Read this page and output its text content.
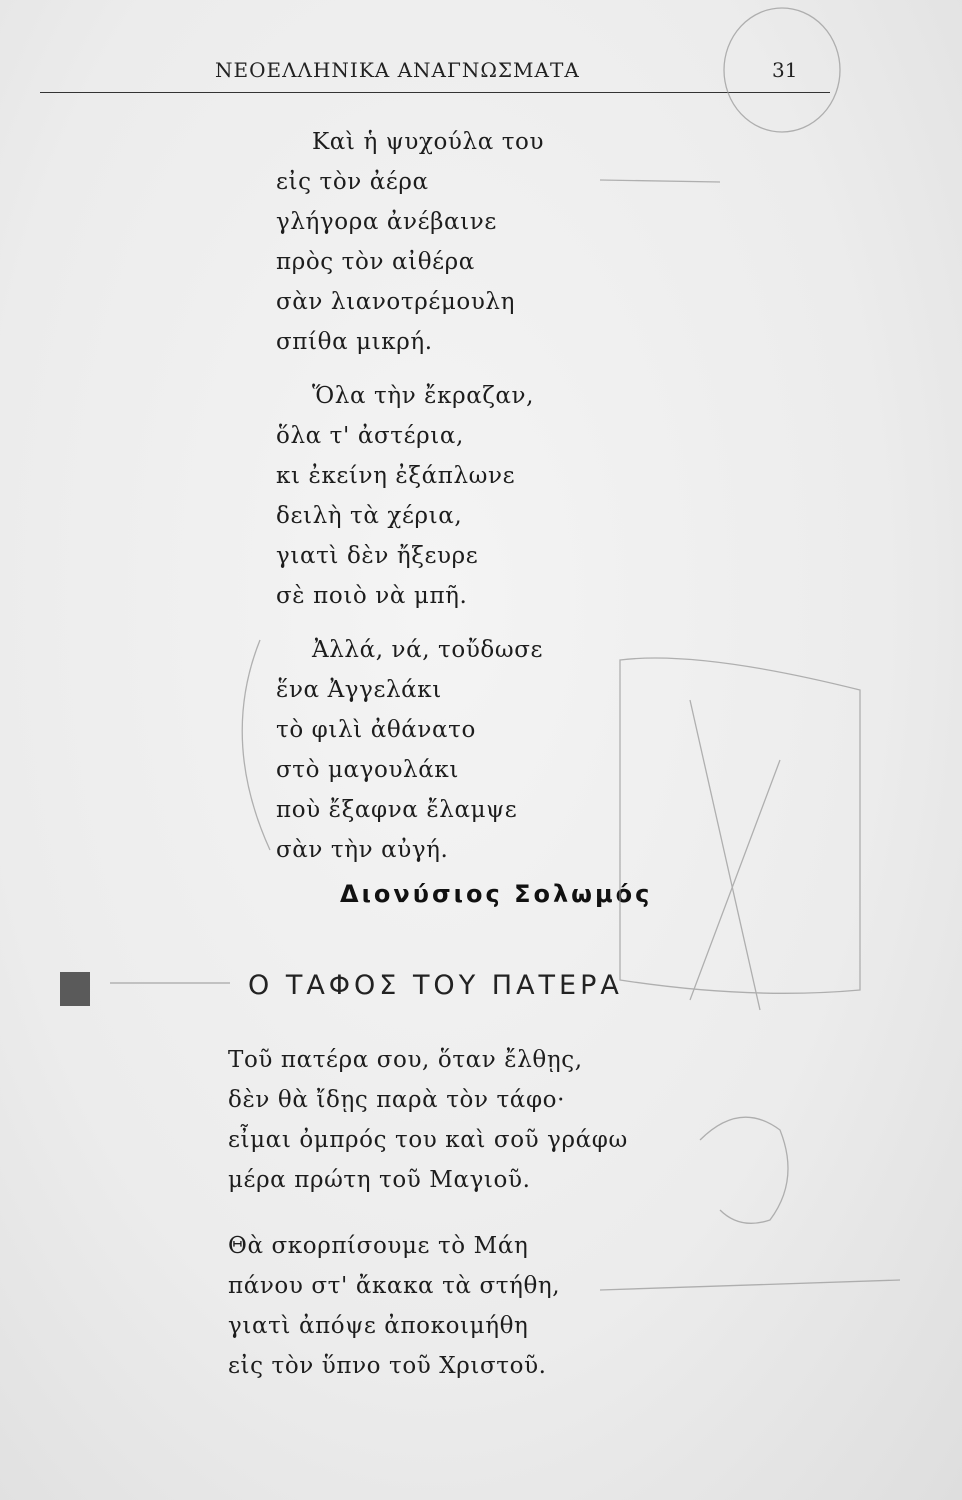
ΝΕΟΕΛΛΗΝΙΚΑ ΑΝΑΓΝΩΣΜΑΤΑ	31
Καὶ ἡ ψυχούλα του
εἰς τὸν ἀέρα
γλήγορα ἀνέβαινε
πρὸς τὸν αἰθέρα
σὰν λιανοτρέμουλη
σπίθα μικρή.
Ὅλα τὴν ἔκραζαν,
ὅλα τ' ἀστέρια,
κι ἐκείνη ἐξάπλωνε
δειλὴ τὰ χέρια,
γιατὶ δὲν ἤξευρε
σὲ ποιὸ νὰ μπῆ.
Ἀλλά, νά, τοὔδωσε
ἕνα Ἀγγελάκι
τὸ φιλὶ ἀθάνατο
στὸ μαγουλάκι
ποὺ ἔξαφνα ἔλαμψε
σὰν τὴν αὐγή.
Διονύσιος Σολωμός
Ο ΤΑΦΟΣ ΤΟΥ ΠΑΤΕΡΑ
Τοῦ πατέρα σου, ὅταν ἔλθῃς,
δὲν θὰ ἴδῃς παρὰ τὸν τάφο·
εἶμαι ὀμπρός του καὶ σοῦ γράφω
μέρα πρώτη τοῦ Μαγιοῦ.
Θὰ σκορπίσουμε τὸ Μάη
πάνου στ' ἄκακα τὰ στήθη,
γιατὶ ἀπόψε ἀποκοιμήθη
εἰς τὸν ὕπνο τοῦ Χριστοῦ.
